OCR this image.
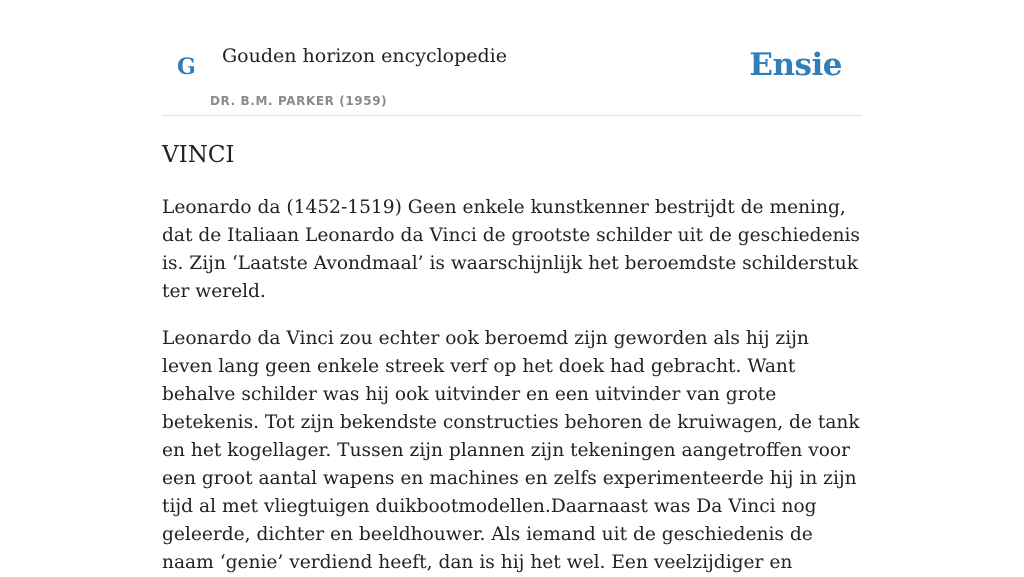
G Gouden horizon encyclopedie
DR. B.M. PARKER (1959)
Ensie
VINCI

Leonardo da (1452-1519) Geen enkele kunstkenner bestrijdt de mening, dat de Italiaan Leonardo da Vinci de grootste schilder uit de geschiedenis is. Zijn ‘Laatste Avondmaal’ is waarschijnlijk het beroemdste schilderstuk ter wereld.

Leonardo da Vinci zou echter ook beroemd zijn geworden als hij zijn leven lang geen enkele streek verf op het doek had gebracht. Want behalve schilder was hij ook uitvinder en een uitvinder van grote betekenis. Tot zijn bekendste constructies behoren de kruiwagen, de tank en het kogellager. Tussen zijn plannen zijn tekeningen aangetroffen voor een groot aantal wapens en machines en zelfs experimenteerde hij in zijn tijd al met vliegtuigen duikbootmodellen.Daarnaast was Da Vinci nog geleerde, dichter en beeldhouwer. Als iemand uit de geschiedenis de naam ‘genie’ verdiend heeft, dan is hij het wel. Een veelzijdiger en
